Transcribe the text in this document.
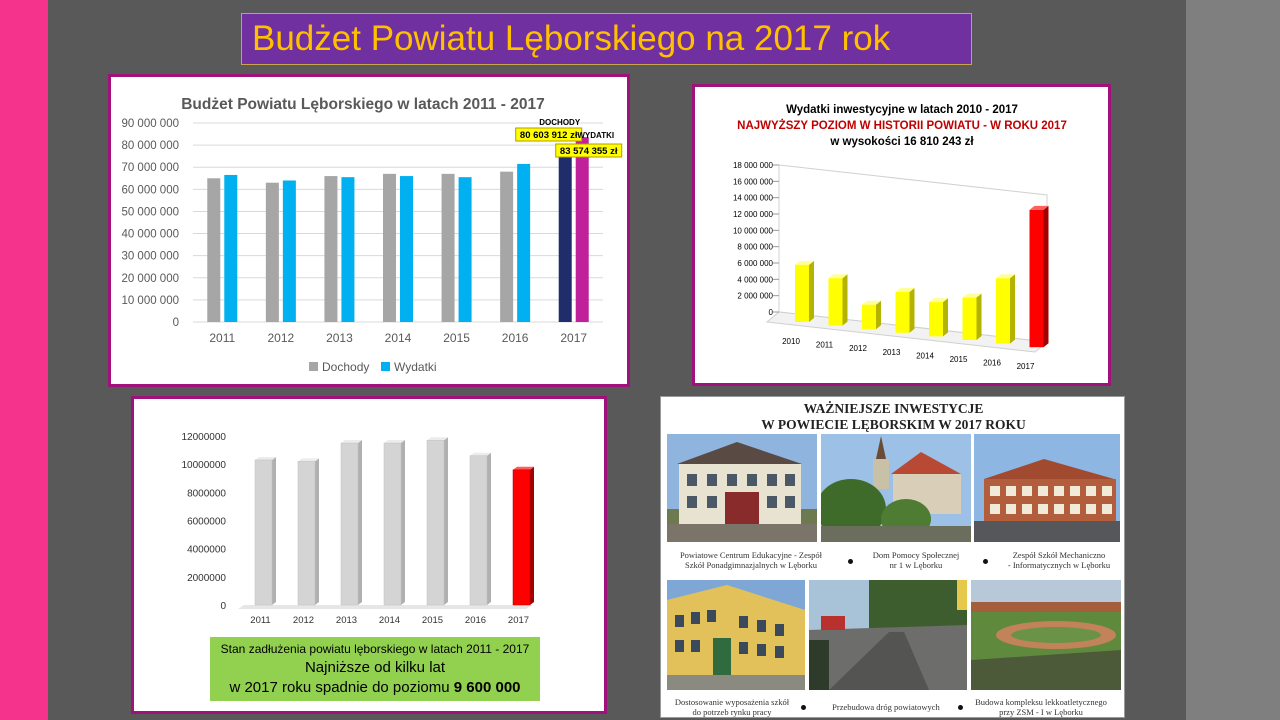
Budżet Powiatu Lęborskiego na 2017 rok
Budżet Powiatu Lęborskiego w latach 2011 - 2017
0
10 000 000
20 000 000
30 000 000
40 000 000
50 000 000
60 000 000
70 000 000
80 000 000
90 000 000
2011	2012	2013	2014	2015	2016	2017
DOCHODY
80 603 912 zł WYDATKI
83 574 355 zł
Dochody Wydatki
Wydatki inwestycyjne w latach 2010 - 2017
NAJWYŻSZY POZIOM W HISTORII POWIATU - W ROKU 2017
w wysokości 16 810 243 zł
0
2 000 000
4 000 000
6 000 000
8 000 000
10 000 000
12 000 000
14 000 000
16 000 000
18 000 000
2010 2011 2012 2013 2014 2015 2016 2017
0
2000000
4000000
6000000
8000000
10000000
12000000
2011 2012 2013 2014 2015 2016 2017
Stan zadłużenia powiatu lęborskiego w latach 2011 - 2017
Najniższe od kilku lat
w 2017 roku spadnie do poziomu 9 600 000
WAŻNIEJSZE INWESTYCJE
W POWIECIE LĘBORSKIM W 2017 ROKU
Powiatowe Centrum Edukacyjne - Zespół
Szkół Ponadgimnazjalnych w Lęborku
Dom Pomocy Społecznej
nr 1 w Lęborku
Zespół Szkół Mechaniczno
- Informatycznych w Lęborku
Dostosowanie wyposażenia szkół
do potrzeb rynku pracy	Przebudowa dróg powiatowych	Budowa kompleksu lekkoatletycznego
przy ZSM - I w Lęborku
